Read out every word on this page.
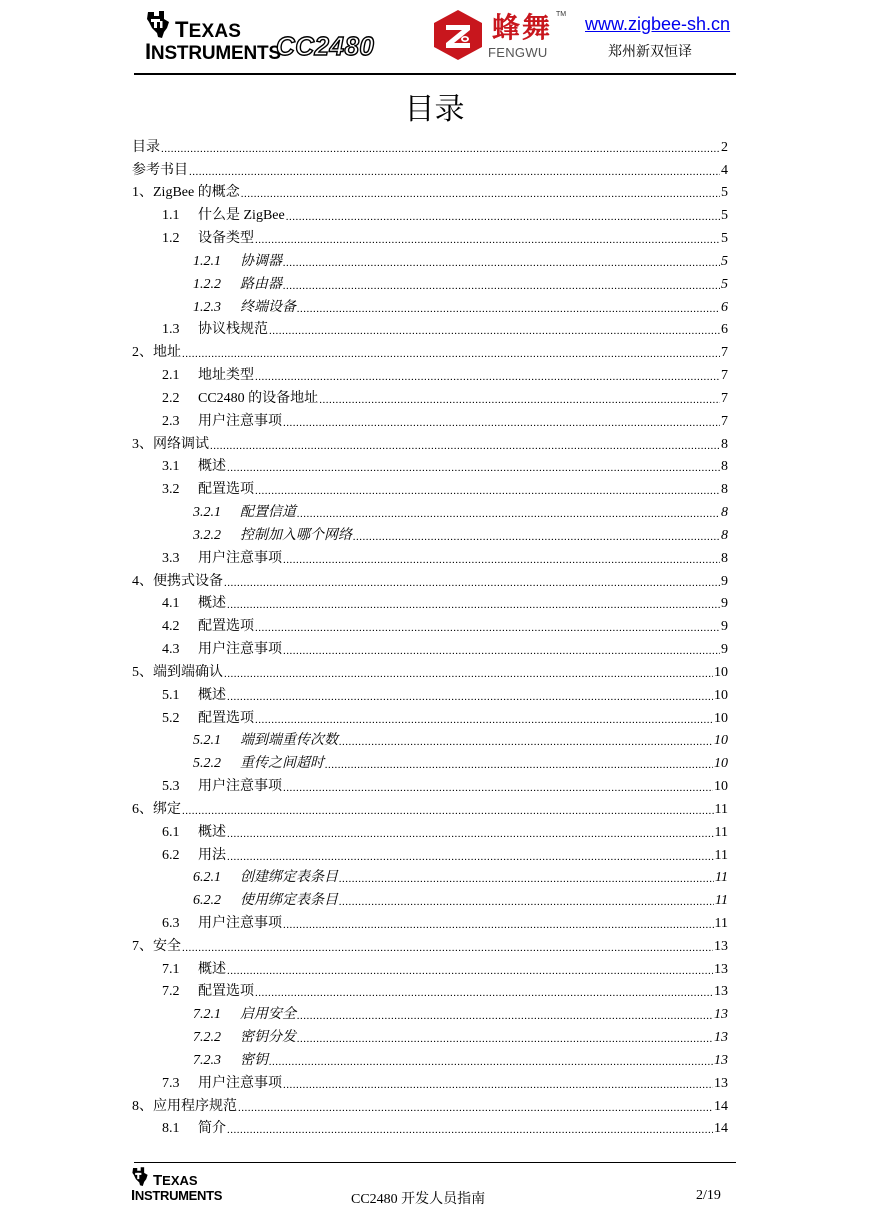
TEXAS
INSTRUMENTS
CC2480
蜂舞 TM
FENGWU
www.zigbee-sh.cn
郑州新双恒译
目录
目录 .....	2
参考书目 .....	4
1、 ZigBee 的概念 .....	5
1.1	什么是 ZigBee .....	5
1.2	设备类型 .....	5
1.2.1	协调器 .....	5
1.2.2	路由器 .....	5
1.2.3	终端设备 .....	6
1.3	协议栈规范 .....	6
2、 地址 .....	7
2.1	地址类型 .....	7
2.2	CC2480 的设备地址 .....	7
2.3	用户注意事项 .....	7
3、 网络调试 .....	8
3.1	概述 .....	8
3.2	配置选项 .....	8
3.2.1	配置信道 .....	8
3.2.2	控制加入哪个网络 .....	8
3.3	用户注意事项 .....	8
4、 便携式设备 .....	9
4.1	概述 .....	9
4.2	配置选项 .....	9
4.3	用户注意事项 .....	9
5、 端到端确认 .....	10
5.1	概述 .....	10
5.2	配置选项 .....	10
5.2.1	端到端重传次数 .....	10
5.2.2	重传之间超时 .....	10
5.3	用户注意事项 .....	10
6、 绑定 .....	11
6.1	概述 .....	11
6.2	用法 .....	11
6.2.1	创建绑定表条目 .....	11
6.2.2	使用绑定表条目 .....	11
6.3	用户注意事项 .....	11
7、 安全 .....	13
7.1	概述 .....	13
7.2	配置选项 .....	13
7.2.1	启用安全 .....	13
7.2.2	密钥分发 .....	13
7.2.3	密钥 .....	13
7.3	用户注意事项 .....	13
8、 应用程序规范 .....	14
8.1	简介 .....	14
TEXAS
INSTRUMENTS	CC2480 开发人员指南	2/19
